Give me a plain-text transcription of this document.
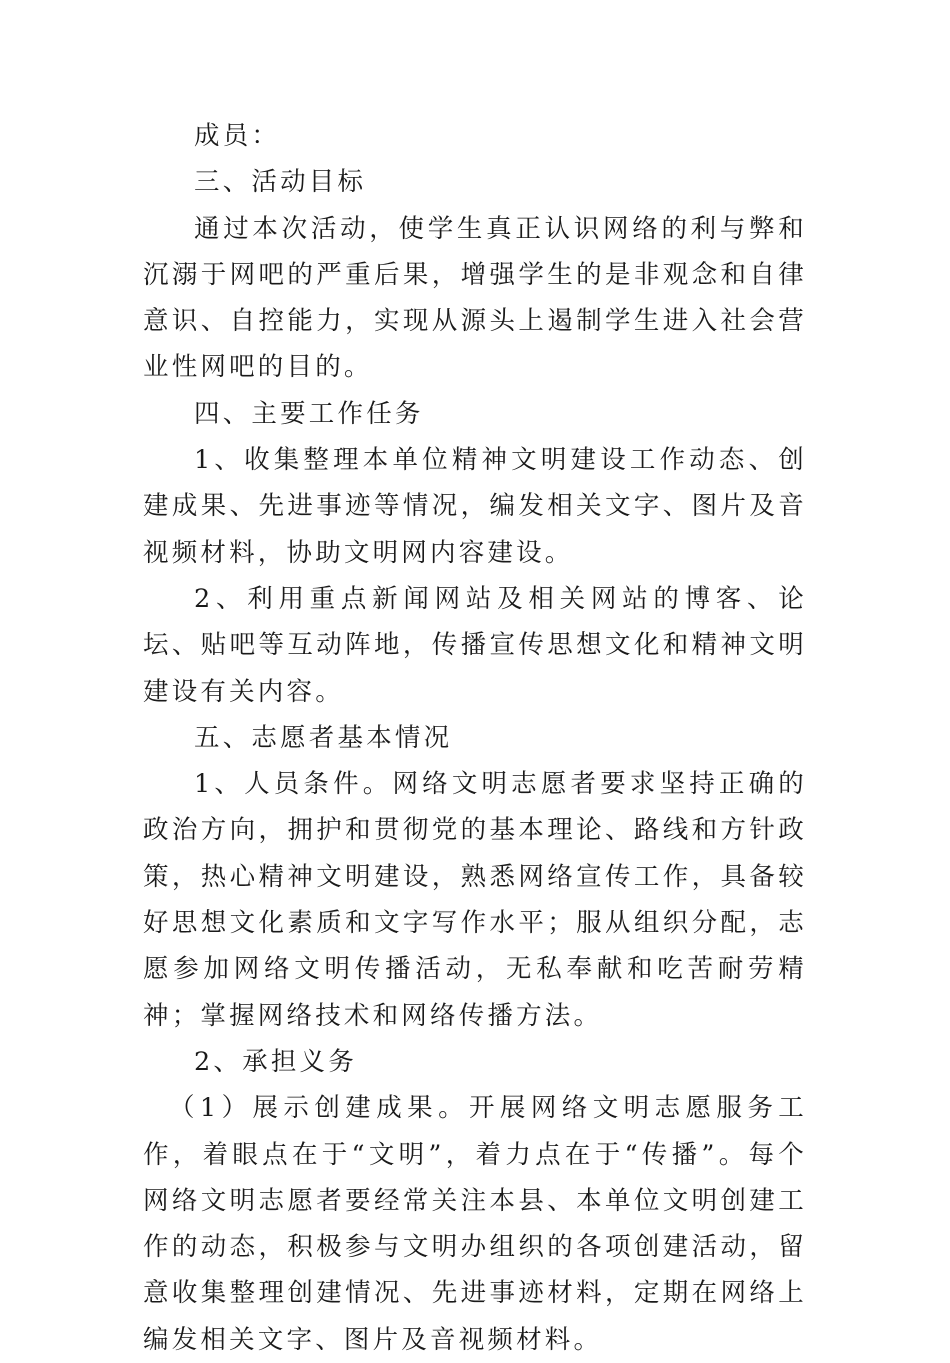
成员：

三、活动目标

通过本次活动，使学生真正认识网络的利与弊和沉溺于网吧的严重后果，增强学生的是非观念和自律意识、自控能力，实现从源头上遏制学生进入社会营业性网吧的目的。

四、主要工作任务

1、收集整理本单位精神文明建设工作动态、创建成果、先进事迹等情况，编发相关文字、图片及音视频材料，协助文明网内容建设。

2、利用重点新闻网站及相关网站的博客、论坛、贴吧等互动阵地，传播宣传思想文化和精神文明建设有关内容。

五、志愿者基本情况

1、人员条件。网络文明志愿者要求坚持正确的政治方向，拥护和贯彻党的基本理论、路线和方针政策，热心精神文明建设，熟悉网络宣传工作，具备较好思想文化素质和文字写作水平；服从组织分配，志愿参加网络文明传播活动，无私奉献和吃苦耐劳精神；掌握网络技术和网络传播方法。

2、承担义务

（1）展示创建成果。开展网络文明志愿服务工作，着眼点在于“文明”，着力点在于“传播”。每个网络文明志愿者要经常关注本县、本单位文明创建工作的动态，积极参与文明办组织的各项创建活动，留意收集整理创建情况、先进事迹材料，定期在网络上编发相关文字、图片及音视频材料。
